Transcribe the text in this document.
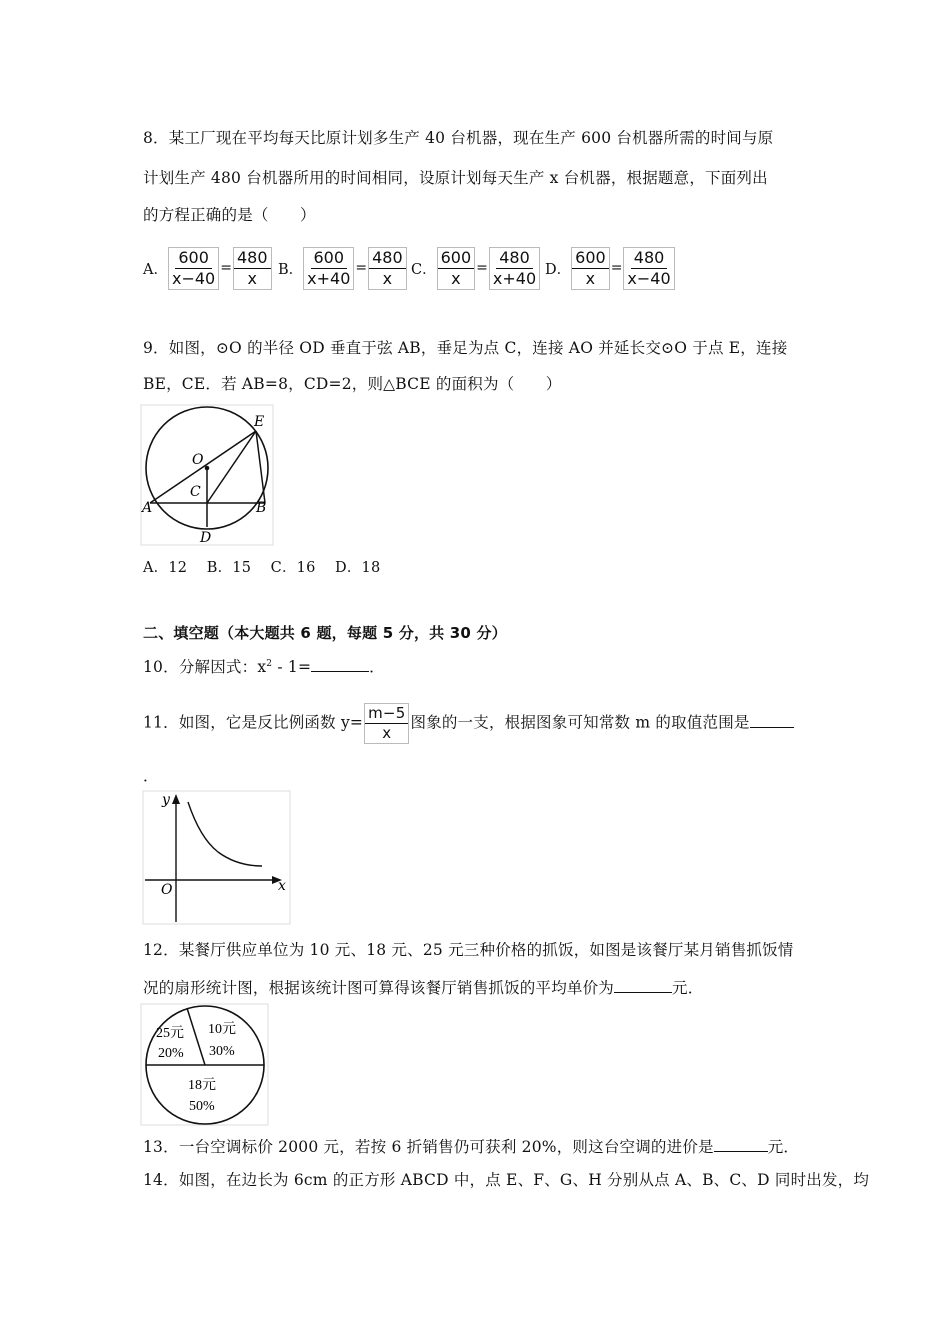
8．某工厂现在平均每天比原计划多生产 40 台机器，现在生产 600 台机器所需的时间与原
计划生产 480 台机器所用的时间相同，设原计划每天生产 x 台机器，根据题意，下面列出
的方程正确的是（　　）
A． $\frac{600}{x-40} = \frac{480}{x}$ B． $\frac{600}{x+40} = \frac{480}{x}$ C． $\frac{600}{x} = \frac{480}{x+40}$ D． $\frac{600}{x} = \frac{480}{x-40}$
9．如图，⊙O 的半径 OD 垂直于弦 AB，垂足为点 C，连接 AO 并延长交⊙O 于点 E，连接
BE，CE．若 AB=8，CD=2，则△BCE 的面积为（　　）
E
O
C
A	B
D
A．12　 B．15　 C．16　 D．18
二、填空题（本大题共 6 题，每题 5 分，共 30 分）
10．分解因式：$x^2 - 1=$	．
11．如图，它是反比例函数 $y= \frac{m-5}{x}$ 图象的一支，根据图象可知常数 m 的取值范围是
．
y
x
O
12．某餐厅供应单位为 10 元、18 元、25 元三种价格的抓饭，如图是该餐厅某月销售抓饭情
况的扇形统计图，根据该统计图可算得该餐厅销售抓饭的平均单价为	元．
25元
20%
10元
30%
18元
50%
13．一台空调标价 2000 元，若按 6 折销售仍可获利 20%，则这台空调的进价是	元．
14．如图，在边长为 6cm 的正方形 ABCD 中，点 E、F、G、H 分别从点 A、B、C、D 同时出发，均
